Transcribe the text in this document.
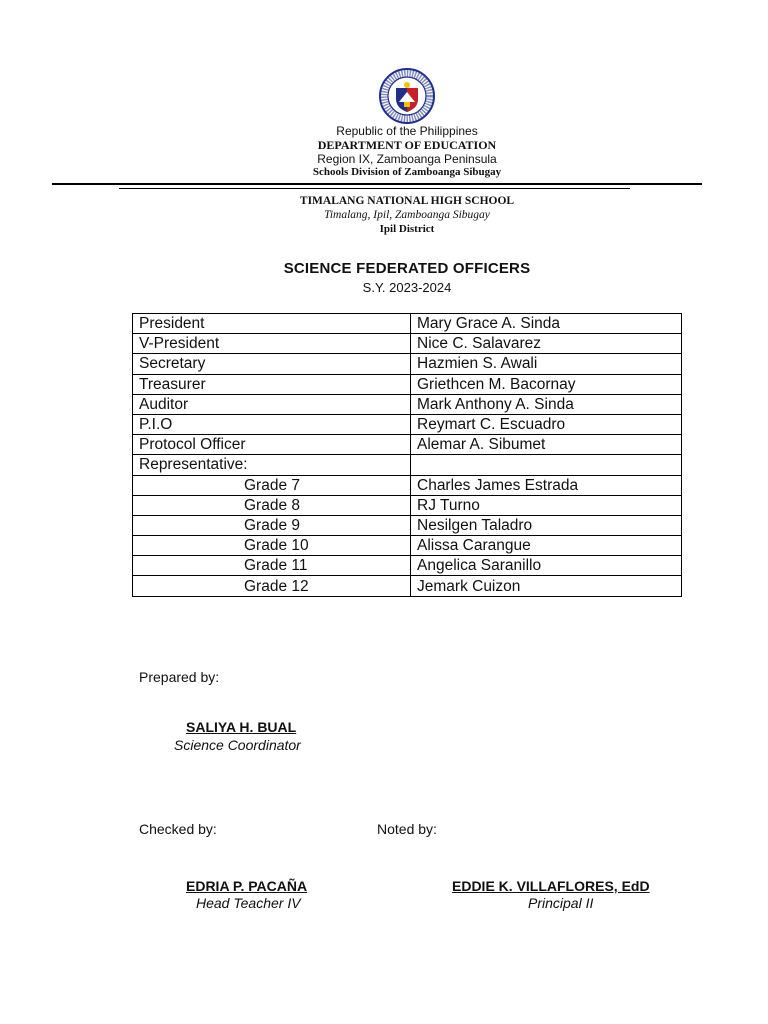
Republic of the Philippines
DEPARTMENT OF EDUCATION
Region IX, Zamboanga Peninsula
Schools Division of Zamboanga Sibugay
TIMALANG NATIONAL HIGH SCHOOL
Timalang, Ipil, Zamboanga Sibugay
Ipil District
SCIENCE FEDERATED OFFICERS
S.Y. 2023-2024
President	Mary Grace A. Sinda
V-President	Nice C. Salavarez
Secretary	Hazmien S. Awali
Treasurer	Griethcen M. Bacornay
Auditor	Mark Anthony A. Sinda
P.I.O	Reymart C. Escuadro
Protocol Officer	Alemar A. Sibumet
Representative:	
Grade 7	Charles James Estrada
Grade 8	RJ Turno
Grade 9	Nesilgen Taladro
Grade 10	Alissa Carangue
Grade 11	Angelica Saranillo
Grade 12	Jemark Cuizon
Prepared by:
SALIYA H. BUAL
Science Coordinator
Checked by:	Noted by:
EDRIA P. PACAÑA
Head Teacher IV
EDDIE K. VILLAFLORES, EdD
Principal II
